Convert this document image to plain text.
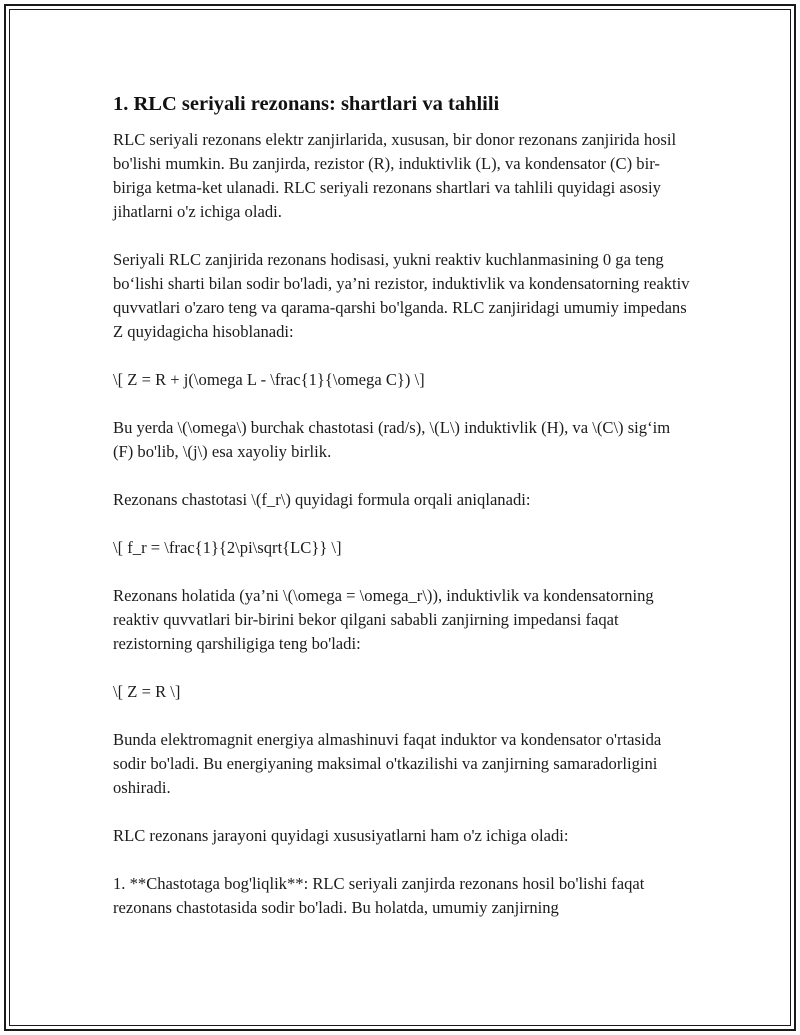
1. RLC seriyali rezonans: shartlari va tahlili

RLC seriyali rezonans elektr zanjirlarida, xususan, bir donor rezonans zanjirida hosil bo'lishi mumkin. Bu zanjirda, rezistor (R), induktivlik (L), va kondensator (C) bir-biriga ketma-ket ulanadi. RLC seriyali rezonans shartlari va tahlili quyidagi asosiy jihatlarni o'z ichiga oladi.

Seriyali RLC zanjirida rezonans hodisasi, yukni reaktiv kuchlanmasining 0 ga teng bo‘lishi sharti bilan sodir bo'ladi, ya’ni rezistor, induktivlik va kondensatorning reaktiv quvvatlari o'zaro teng va qarama-qarshi bo'lganda. RLC zanjiridagi umumiy impedans Z quyidagicha hisoblanadi:

\[ Z = R + j(\omega L - \frac{1}{\omega C}) \]

Bu yerda \(\omega\) burchak chastotasi (rad/s), \(L\) induktivlik (H), va \(C\) sig‘im (F) bo'lib, \(j\) esa xayoliy birlik.

Rezonans chastotasi \(f_r\) quyidagi formula orqali aniqlanadi:

\[ f_r = \frac{1}{2\pi\sqrt{LC}} \]

Rezonans holatida (ya’ni \(\omega = \omega_r\)), induktivlik va kondensatorning reaktiv quvvatlari bir-birini bekor qilgani sababli zanjirning impedansi faqat rezistorning qarshiligiga teng bo'ladi:

\[ Z = R \]

Bunda elektromagnit energiya almashinuvi faqat induktor va kondensator o'rtasida sodir bo'ladi. Bu energiyaning maksimal o'tkazilishi va zanjirning samaradorligini oshiradi.

RLC rezonans jarayoni quyidagi xususiyatlarni ham o'z ichiga oladi:

1. **Chastotaga bog'liqlik**: RLC seriyali zanjirda rezonans hosil bo'lishi faqat rezonans chastotasida sodir bo'ladi. Bu holatda, umumiy zanjirning
